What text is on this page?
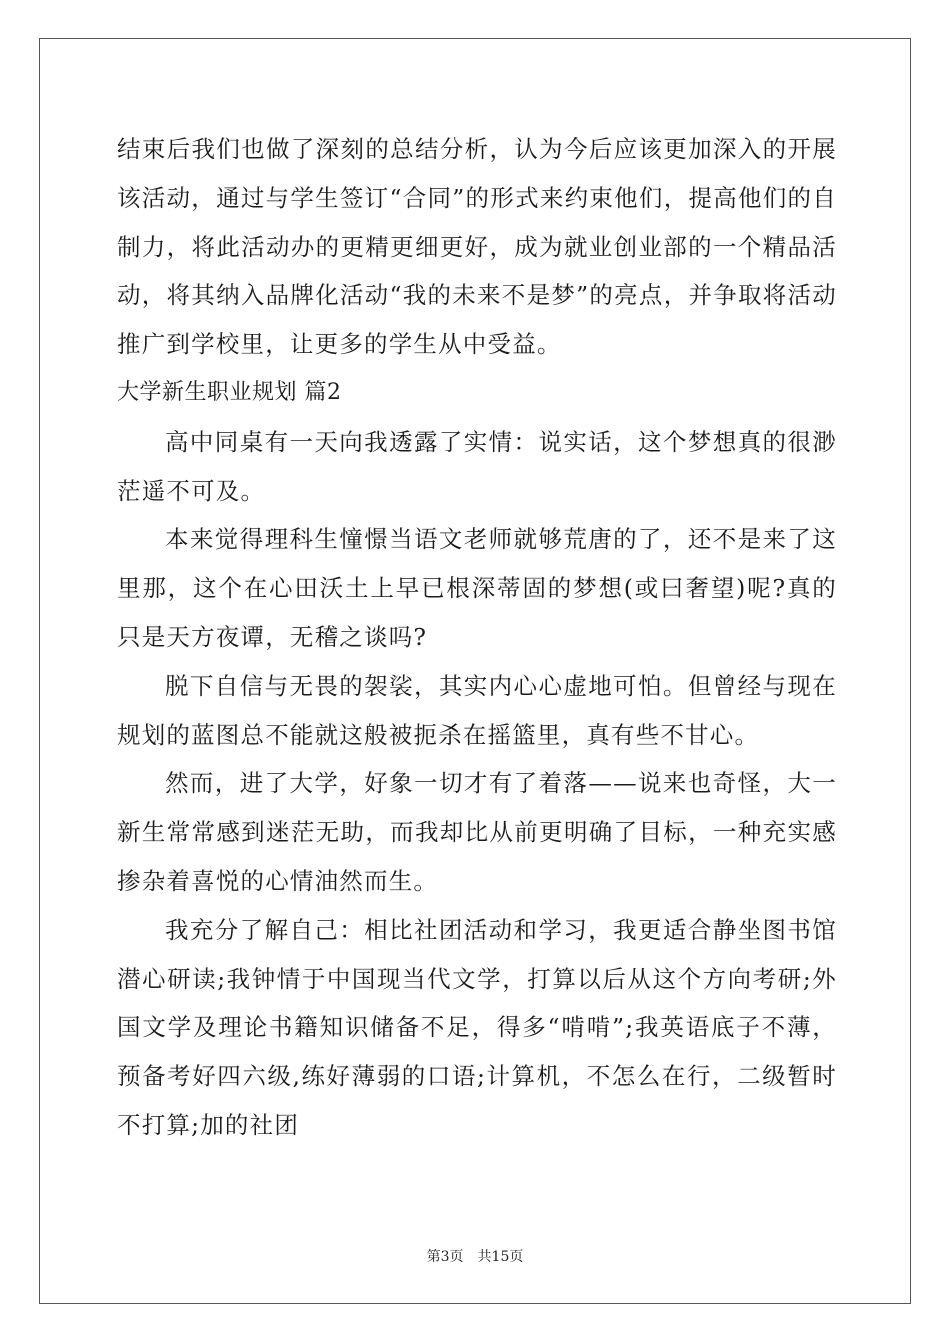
结束后我们也做了深刻的总结分析，认为今后应该更加深入的开展该活动，通过与学生签订“合同”的形式来约束他们，提高他们的自制力，将此活动办的更精更细更好，成为就业创业部的一个精品活动，将其纳入品牌化活动“我的未来不是梦”的亮点，并争取将活动推广到学校里，让更多的学生从中受益。

大学新生职业规划 篇2

高中同桌有一天向我透露了实情：说实话，这个梦想真的很渺茫遥不可及。

本来觉得理科生憧憬当语文老师就够荒唐的了，还不是来了这里那，这个在心田沃土上早已根深蒂固的梦想(或曰奢望)呢?真的只是天方夜谭，无稽之谈吗?

脱下自信与无畏的袈裟，其实内心心虚地可怕。但曾经与现在规划的蓝图总不能就这般被扼杀在摇篮里，真有些不甘心。

然而，进了大学，好象一切才有了着落——说来也奇怪，大一新生常常感到迷茫无助，而我却比从前更明确了目标，一种充实感掺杂着喜悦的心情油然而生。

我充分了解自己：相比社团活动和学习，我更适合静坐图书馆潜心研读;我钟情于中国现当代文学，打算以后从这个方向考研;外国文学及理论书籍知识储备不足，得多“啃啃”;我英语底子不薄，预备考好四六级,练好薄弱的口语;计算机，不怎么在行，二级暂时不打算;加的社团

第3页 共15页
